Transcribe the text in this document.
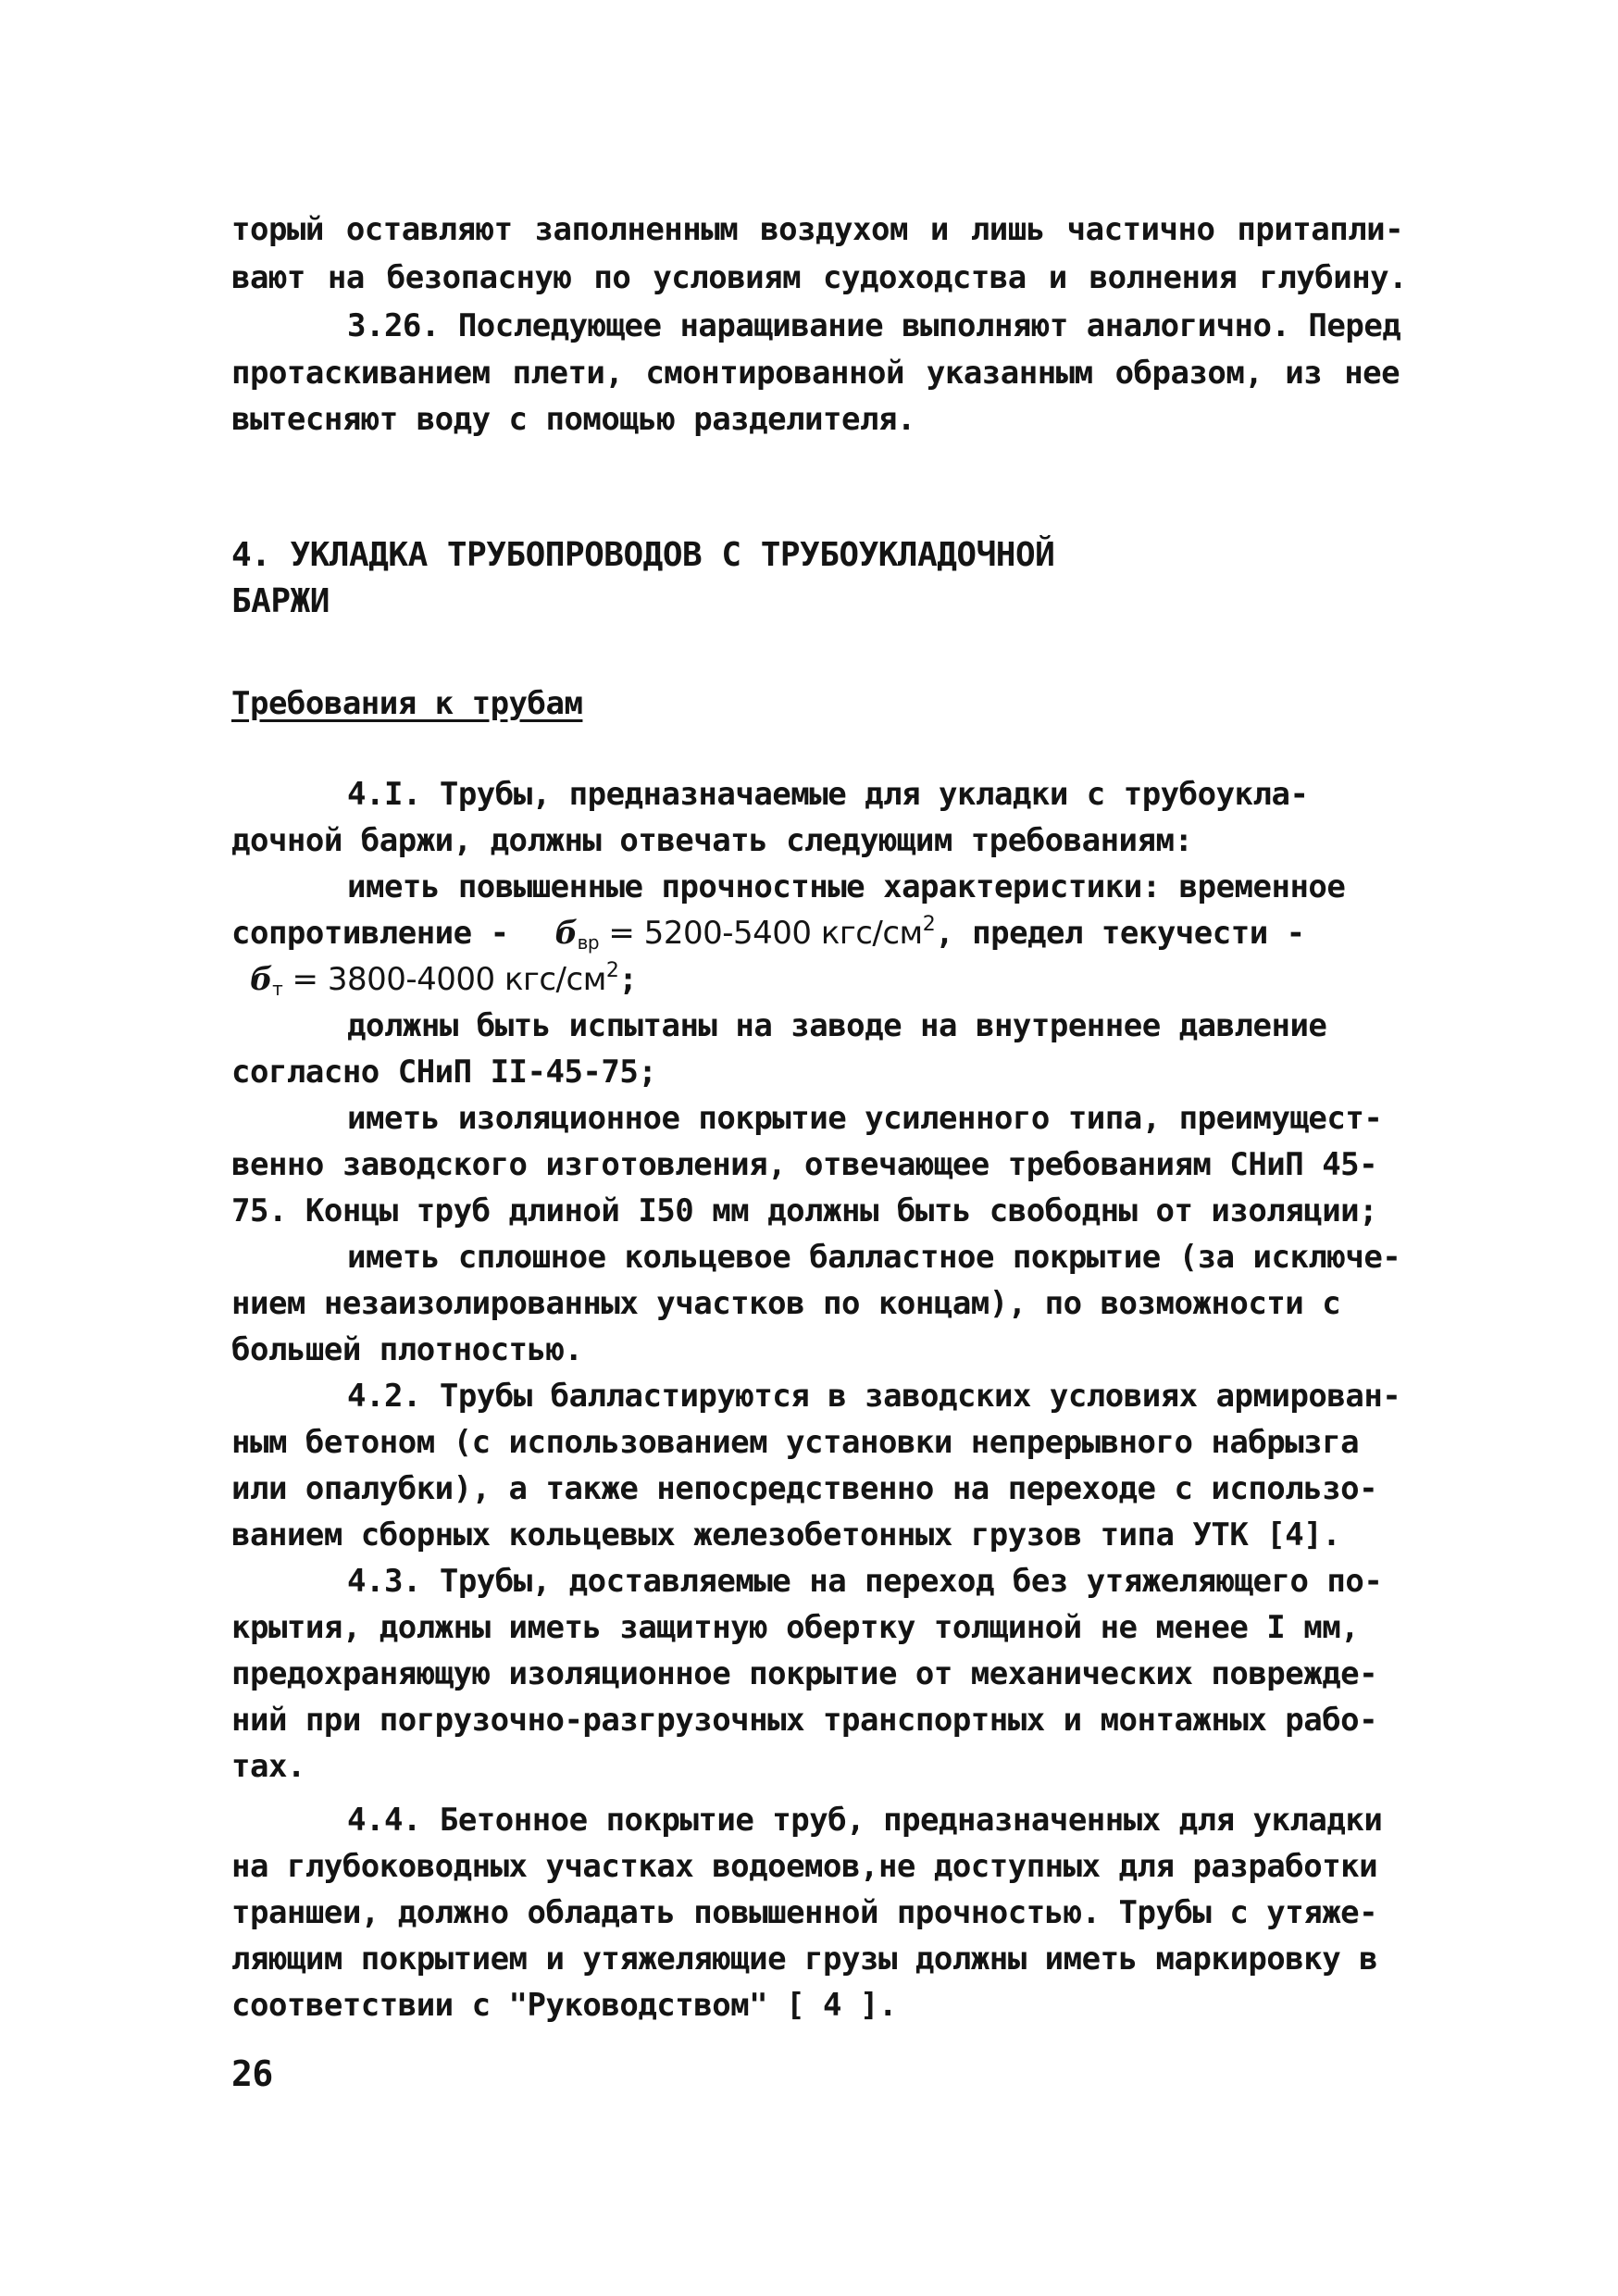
торый оставляют заполненным воздухом и лишь частично притапли-
вают на безопасную по условиям судоходства и волнения глубину.
3.26. Последующее наращивание выполняют аналогично. Перед
протаскиванием плети, смонтированной указанным образом, из нее
вытесняют воду с помощью разделителя.
4. УКЛАДКА ТРУБОПРОВОДОВ С ТРУБОУКЛАДОЧНОЙ
БАРЖИ
Требования к трубам
4.I. Трубы, предназначаемые для укладки с трубоукла-
дочной баржи, должны отвечать следующим требованиям:
иметь повышенные прочностные характеристики: временное
сопротивление - $б_{вр} = 5200-5400$ кгс/$см^2$, предел текучести -
$б_т = 3800-4000$ кгс/$см^2$;
должны быть испытаны на заводе на внутреннее давление
согласно СНиП II-45-75;
иметь изоляционное покрытие усиленного типа, преимущест-
венно заводского изготовления, отвечающее требованиям СНиП 45-
75. Концы труб длиной I50 мм должны быть свободны от изоляции;
иметь сплошное кольцевое балластное покрытие (за исключе-
нием незаизолированных участков по концам), по возможности с
большей плотностью.
4.2. Трубы балластируются в заводских условиях армирован-
ным бетоном (с использованием установки непрерывного набрызга
или опалубки), а также непосредственно на переходе с использо-
ванием сборных кольцевых железобетонных грузов типа УТК [4].
4.3. Трубы, доставляемые на переход без утяжеляющего по-
крытия, должны иметь защитную обертку толщиной не менее I мм,
предохраняющую изоляционное покрытие от механических поврежде-
ний при погрузочно-разгрузочных транспортных и монтажных рабо-
тах.
4.4. Бетонное покрытие труб, предназначенных для укладки
на глубоководных участках водоемов,не доступных для разработки
траншеи, должно обладать повышенной прочностью. Трубы с утяже-
ляющим покрытием и утяжеляющие грузы должны иметь маркировку в
соответствии с "Руководством" [ 4 ].
26
